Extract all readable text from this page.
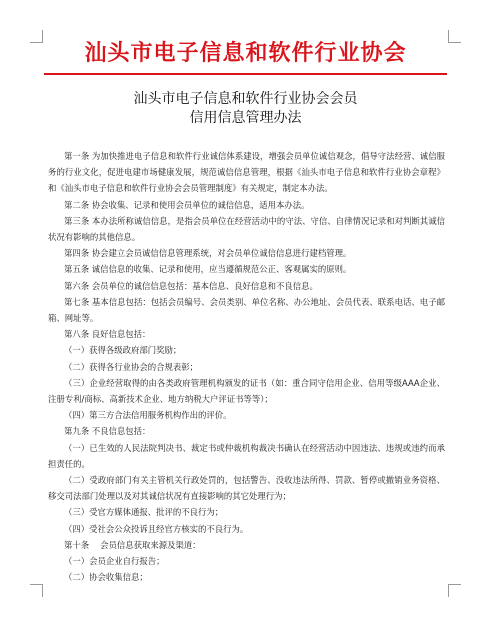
汕头市电子信息和软件行业协会
汕头市电子信息和软件行业协会会员
信用信息管理办法

第一条 为加快推进电子信息和软件行业诚信体系建设，增强会员单位诚信观念，倡导守法经营、诚信服务的行业文化，促进电建市场健康发展，规范诚信信息管理，根据《汕头市电子信息和软件行业协会章程》和《汕头市电子信息和软件行业协会会员管理制度》有关规定，制定本办法。

第二条 协会收集、记录和使用会员单位的诚信信息，适用本办法。

第三条 本办法所称诚信信息，是指会员单位在经营活动中的守法、守信、自律情况记录和对判断其诚信状况有影响的其他信息。

第四条 协会建立会员诚信信息管理系统，对会员单位诚信信息进行建档管理。

第五条 诚信信息的收集、记录和使用，应当遵循规范公正、客观属实的原则。

第六条 会员单位的诚信信息包括：基本信息、良好信息和不良信息。

第七条 基本信息包括：包括会员编号、会员类别、单位名称、办公地址、会员代表、联系电话、电子邮箱、网址等。

第八条 良好信息包括：

（一）获得各级政府部门奖励；

（二）获得各行业协会的合规表彰；

（三）企业经营取得的由各类政府管理机构颁发的证书（如：重合同守信用企业、信用等级AAA企业、注册专利/商标、高新技术企业、地方纳税大户评证书等等）；

（四）第三方合法信用服务机构作出的评价。

第九条 不良信息包括：

（一）已生效的人民法院判决书、裁定书或仲裁机构裁决书确认在经营活动中因违法、违规或违约而承担责任的。

（二）受政府部门有关主管机关行政处罚的，包括警告、没收违法所得、罚款、暂停或撤销业务资格、移交司法部门处理以及对其诚信状况有直接影响的其它处理行为；

（三）受官方媒体通报、批评的不良行为；

（四）受社会公众投诉且经官方核实的不良行为。

第十条　 会员信息获取来源及渠道：

（一）会员企业自行报告；

（二）协会收集信息；
